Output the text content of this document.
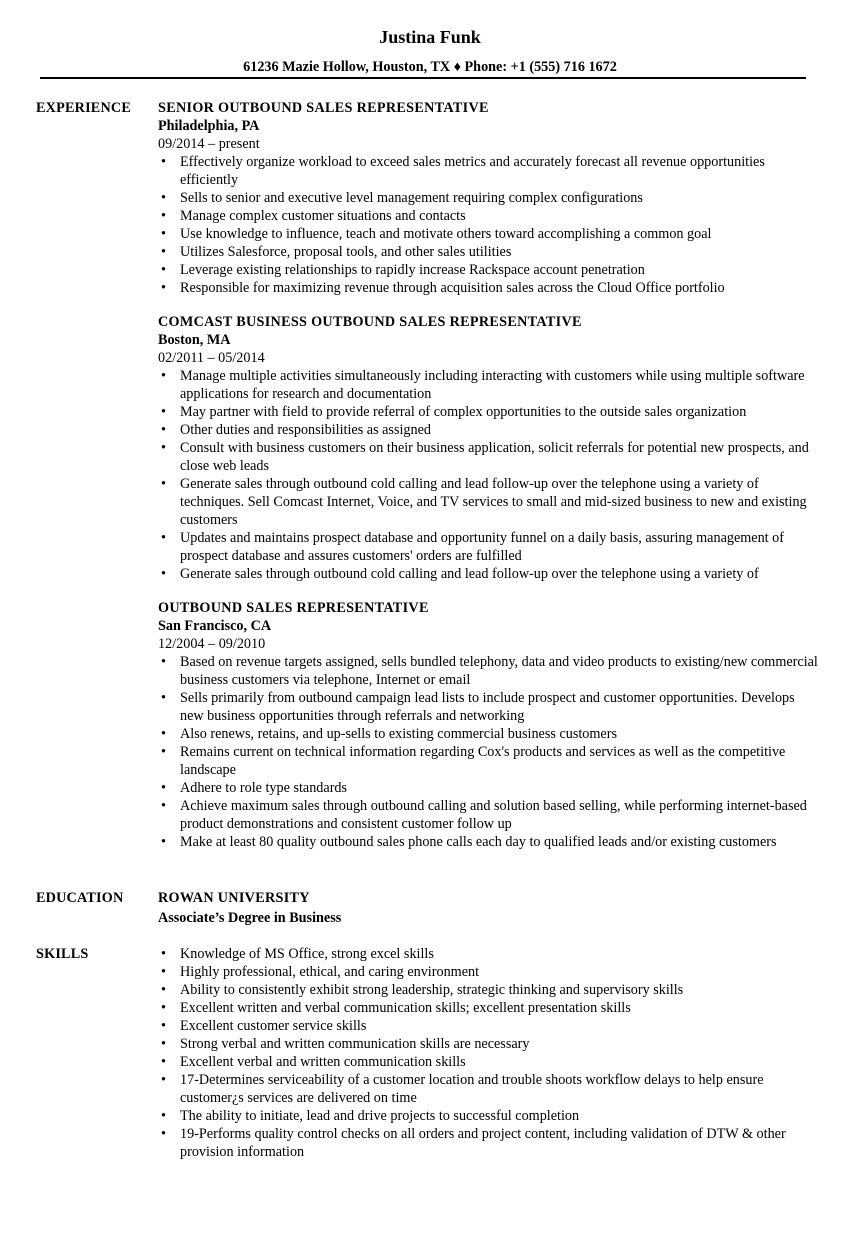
Justina Funk
61236 Mazie Hollow, Houston, TX ♦ Phone: +1 (555) 716 1672
EXPERIENCE SENIOR OUTBOUND SALES REPRESENTATIVE
Philadelphia, PA
09/2014 – present
• Effectively organize workload to exceed sales metrics and accurately forecast all revenue opportunities efficiently
• Sells to senior and executive level management requiring complex configurations
• Manage complex customer situations and contacts
• Use knowledge to influence, teach and motivate others toward accomplishing a common goal
• Utilizes Salesforce, proposal tools, and other sales utilities
• Leverage existing relationships to rapidly increase Rackspace account penetration
• Responsible for maximizing revenue through acquisition sales across the Cloud Office portfolio
COMCAST BUSINESS OUTBOUND SALES REPRESENTATIVE
Boston, MA
02/2011 – 05/2014
• Manage multiple activities simultaneously including interacting with customers while using multiple software applications for research and documentation
• May partner with field to provide referral of complex opportunities to the outside sales organization
• Other duties and responsibilities as assigned
• Consult with business customers on their business application, solicit referrals for potential new prospects, and close web leads
• Generate sales through outbound cold calling and lead follow-up over the telephone using a variety of techniques. Sell Comcast Internet, Voice, and TV services to small and mid-sized business to new and existing customers
• Updates and maintains prospect database and opportunity funnel on a daily basis, assuring management of prospect database and assures customers' orders are fulfilled
• Generate sales through outbound cold calling and lead follow-up over the telephone using a variety of
OUTBOUND SALES REPRESENTATIVE
San Francisco, CA
12/2004 – 09/2010
• Based on revenue targets assigned, sells bundled telephony, data and video products to existing/new commercial business customers via telephone, Internet or email
• Sells primarily from outbound campaign lead lists to include prospect and customer opportunities. Develops new business opportunities through referrals and networking
• Also renews, retains, and up-sells to existing commercial business customers
• Remains current on technical information regarding Cox's products and services as well as the competitive landscape
• Adhere to role type standards
• Achieve maximum sales through outbound calling and solution based selling, while performing internet-based product demonstrations and consistent customer follow up
• Make at least 80 quality outbound sales phone calls each day to qualified leads and/or existing customers
EDUCATION ROWAN UNIVERSITY
Associate’s Degree in Business
SKILLS
•	Knowledge of MS Office, strong excel skills
• Highly professional, ethical, and caring environment
• Ability to consistently exhibit strong leadership, strategic thinking and supervisory skills
• Excellent written and verbal communication skills; excellent presentation skills
• Excellent customer service skills
• Strong verbal and written communication skills are necessary
• Excellent verbal and written communication skills
• 17-Determines serviceability of a customer location and trouble shoots workflow delays to help ensure customer¿s services are delivered on time
• The ability to initiate, lead and drive projects to successful completion
• 19-Performs quality control checks on all orders and project content, including validation of DTW & other provision information
